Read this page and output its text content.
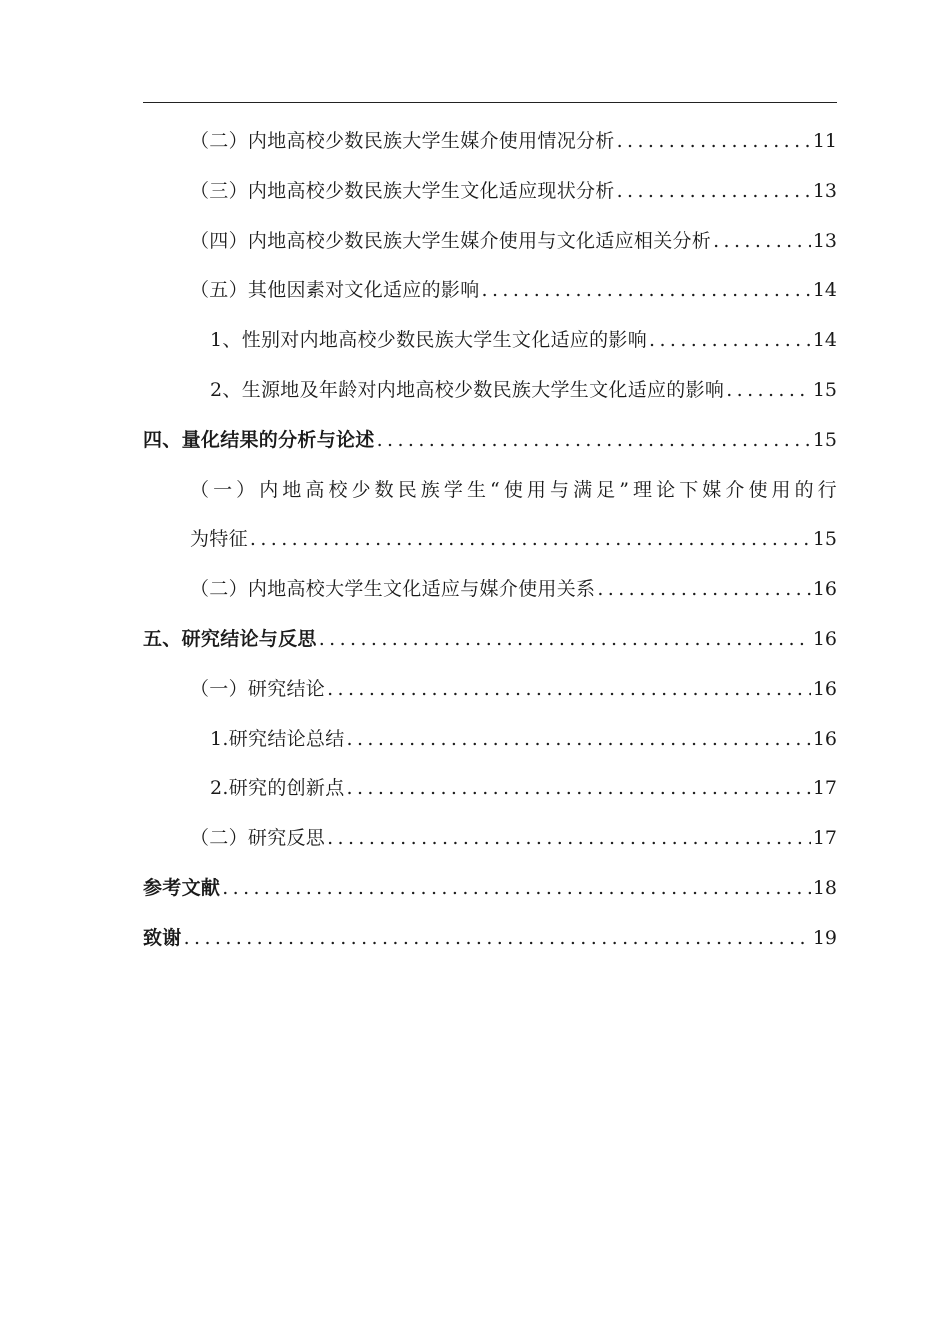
（二）内地高校少数民族大学生媒介使用情况分析 .....	11
（三）内地高校少数民族大学生文化适应现状分析 .....	13
（四）内地高校少数民族大学生媒介使用与文化适应相关分析 .....	13
（五）其他因素对文化适应的影响 .....	14
1、性别对内地高校少数民族大学生文化适应的影响 .....	14
2、生源地及年龄对内地高校少数民族大学生文化适应的影响 .....	15
四、量化结果的分析与论述 .....	15
（一）内地高校少数民族学生“使用与满足”理论下媒介使用的行
为特征 .....	15
（二）内地高校大学生文化适应与媒介使用关系 .....	16
五、研究结论与反思 .....	16
（一）研究结论 .....	16
1.研究结论总结 .....	16
2.研究的创新点 .....	17
（二）研究反思 .....	17
参考文献 .....	18
致谢 .....	19
